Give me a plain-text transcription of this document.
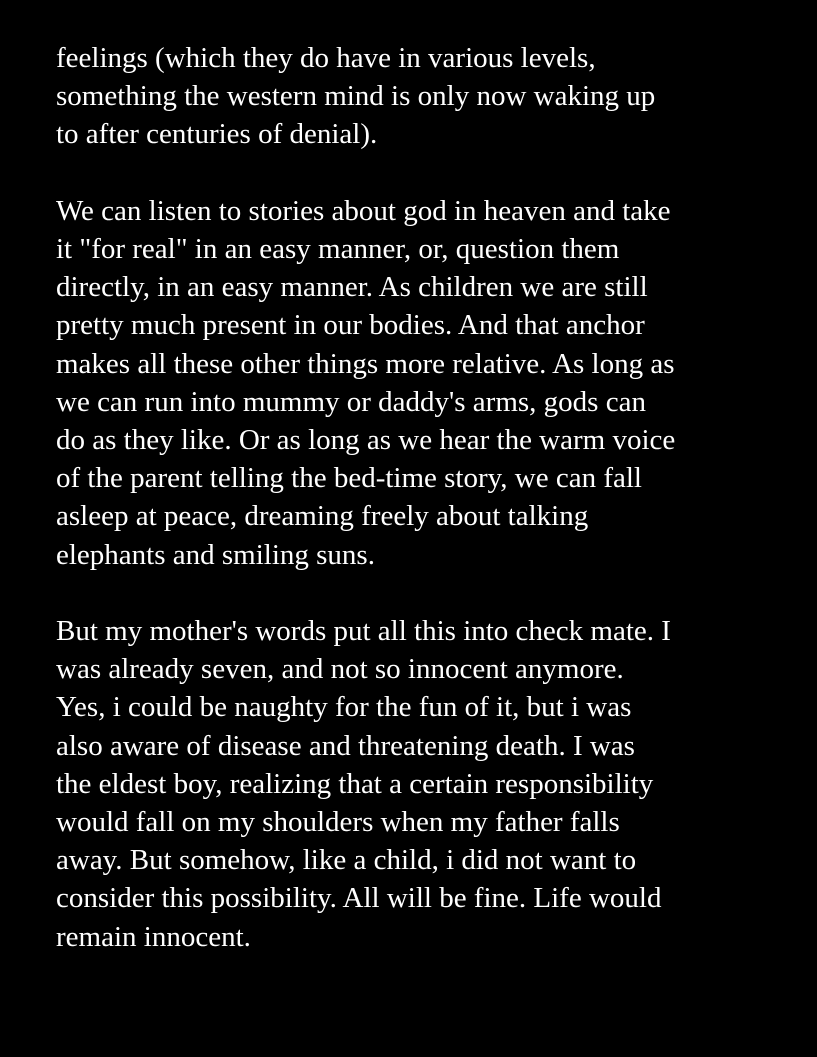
feelings (which they do have in various levels,
something the western mind is only now waking up
to after centuries of denial).
We can listen to stories about god in heaven and take
it "for real" in an easy manner, or, question them
directly, in an easy manner. As children we are still
pretty much present in our bodies. And that anchor
makes all these other things more relative. As long as
we can run into mummy or daddy's arms, gods can
do as they like. Or as long as we hear the warm voice
of the parent telling the bed-time story, we can fall
asleep at peace, dreaming freely about talking
elephants and smiling suns.
But my mother's words put all this into check mate. I
was already seven, and not so innocent anymore.
Yes, i could be naughty for the fun of it, but i was
also aware of disease and threatening death. I was
the eldest boy, realizing that a certain responsibility
would fall on my shoulders when my father falls
away. But somehow, like a child, i did not want to
consider this possibility. All will be fine. Life would
remain innocent.
